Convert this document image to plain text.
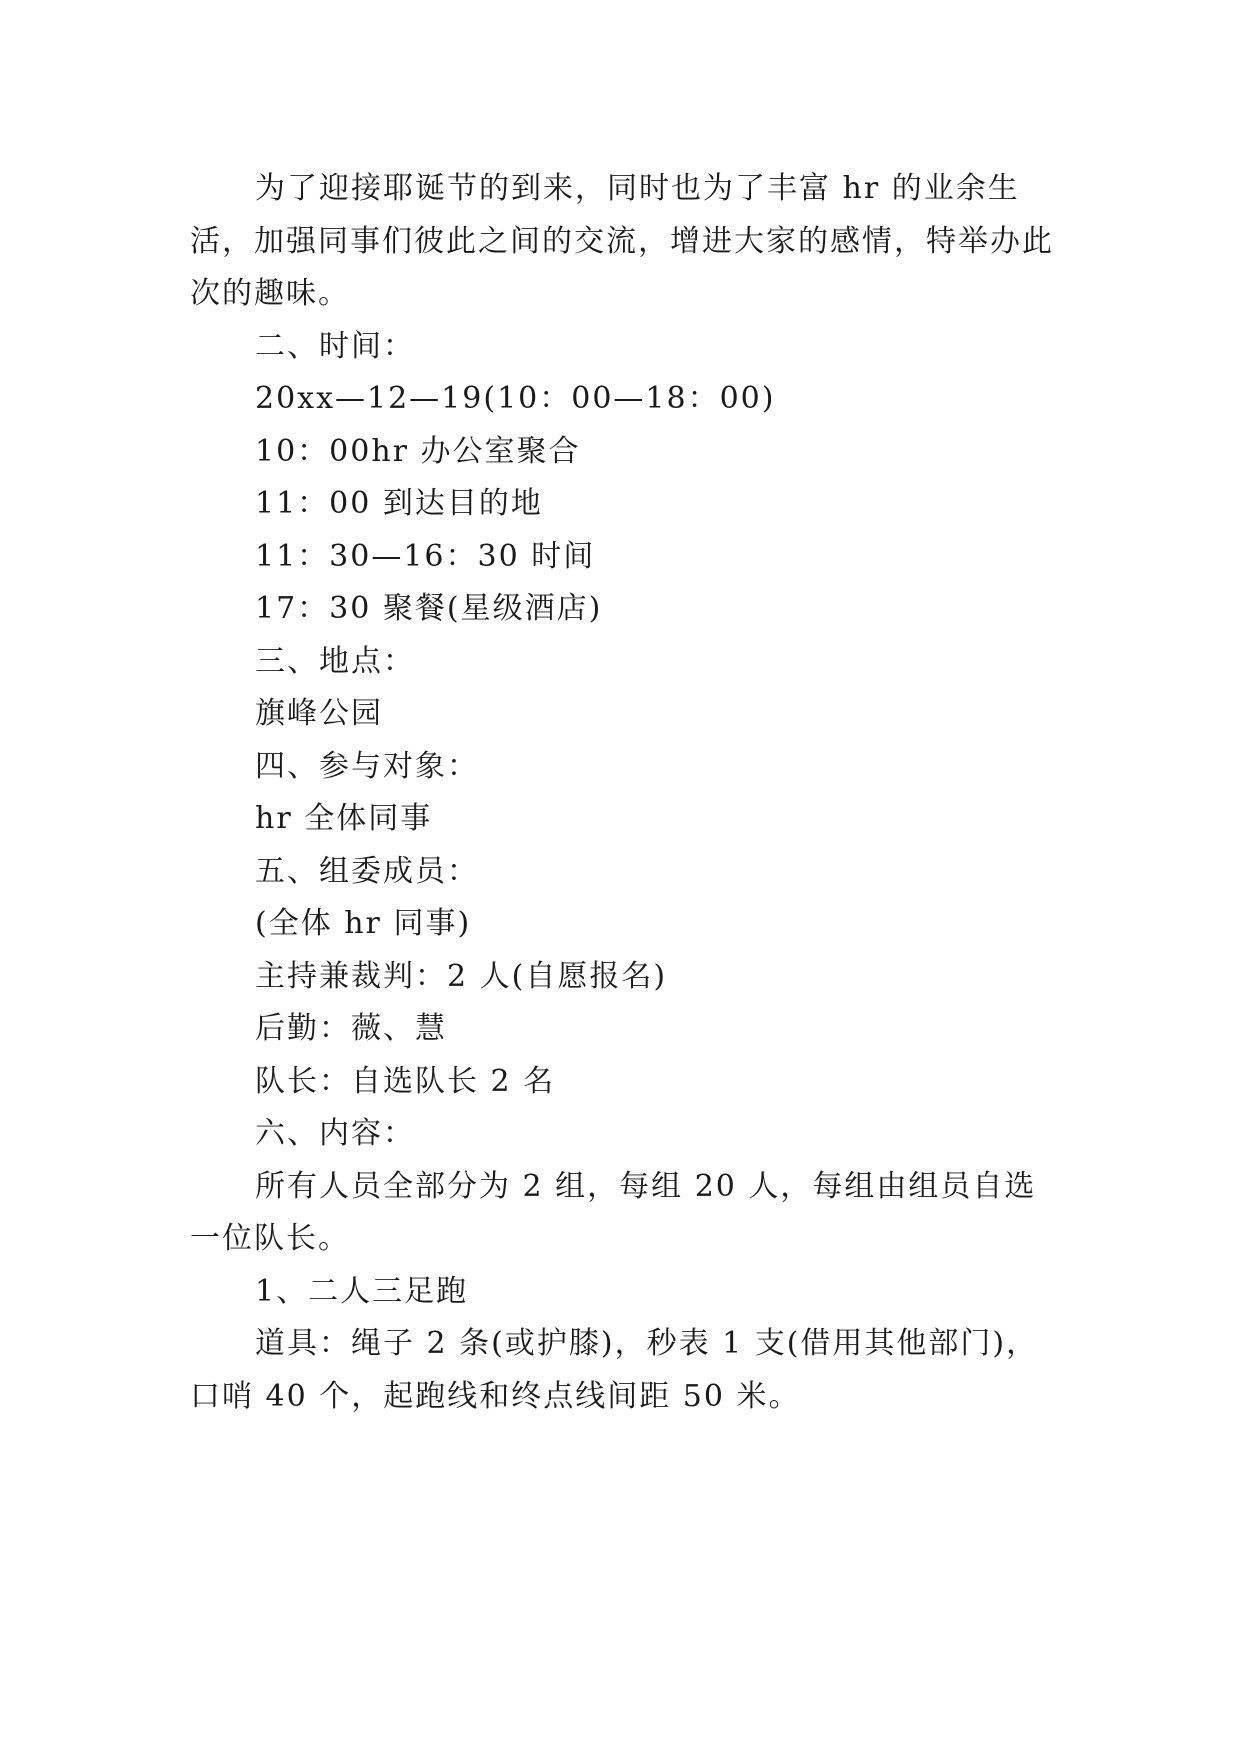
为了迎接耶诞节的到来，同时也为了丰富 hr 的业余生活，加强同事们彼此之间的交流，增进大家的感情，特举办此次的趣味。

二、时间：

20xx—12—19(10：00—18：00)

10：00hr 办公室聚合

11：00 到达目的地

11：30—16：30 时间

17：30 聚餐(星级酒店)

三、地点：

旗峰公园

四、参与对象：

hr 全体同事

五、组委成员：

(全体 hr 同事)

主持兼裁判：2 人(自愿报名)

后勤：薇、慧

队长：自选队长 2 名

六、内容：

所有人员全部分为 2 组，每组 20 人，每组由组员自选一位队长。

1、二人三足跑

道具：绳子 2 条(或护膝)，秒表 1 支(借用其他部门)，口哨 40 个，起跑线和终点线间距 50 米。
